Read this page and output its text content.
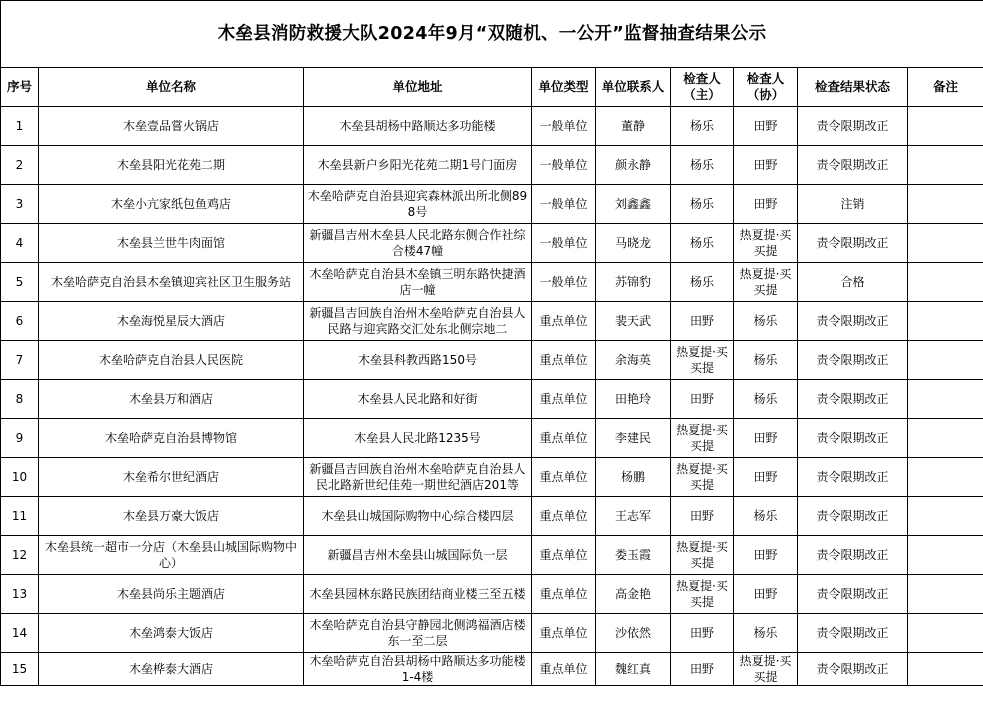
木垒县消防救援大队2024年9月“双随机、一公开”监督抽查结果公示								
序号	单位名称	单位地址	单位类型	单位联系人	检查人（主）	检查人（协）	检查结果状态	备注
1	木垒壹品嘗火锅店	木垒县胡杨中路顺达多功能楼	一般单位	董静	杨乐	田野	责令限期改正	
2	木垒县阳光花苑二期	木垒县新户乡阳光花苑二期1号门面房	一般单位	颜永静	杨乐	田野	责令限期改正	
3	木垒小亢家纸包鱼鸡店	木垒哈萨克自治县迎宾森林派出所北侧898号	一般单位	刘鑫鑫	杨乐	田野	注销	
4	木垒县兰世牛肉面馆	新疆昌吉州木垒县人民北路东侧合作社综合楼47幢	一般单位	马晓龙	杨乐	热夏提·买买提	责令限期改正	
5	木垒哈萨克自治县木垒镇迎宾社区卫生服务站	木垒哈萨克自治县木垒镇三明东路快捷酒店一幢	一般单位	苏锦豹	杨乐	热夏提·买买提	合格	
6	木垒海悦星辰大酒店	新疆昌吉回族自治州木垒哈萨克自治县人民路与迎宾路交汇处东北侧宗地二	重点单位	裴天武	田野	杨乐	责令限期改正	
7	木垒哈萨克自治县人民医院	木垒县科教西路150号	重点单位	余海英	热夏提·买买提	杨乐	责令限期改正	
8	木垒县万和酒店	木垒县人民北路和好街	重点单位	田艳玲	田野	杨乐	责令限期改正	
9	木垒哈萨克自治县博物馆	木垒县人民北路1235号	重点单位	李建民	热夏提·买买提	田野	责令限期改正	
10	木垒希尔世纪酒店	新疆昌吉回族自治州木垒哈萨克自治县人民北路新世纪佳苑一期世纪酒店201等	重点单位	杨鹏	热夏提·买买提	田野	责令限期改正	
11	木垒县万豪大饭店	木垒县山城国际购物中心综合楼四层	重点单位	王志军	田野	杨乐	责令限期改正	
12	木垒县统一超市一分店（木垒县山城国际购物中心）	新疆昌吉州木垒县山城国际负一层	重点单位	娄玉霞	热夏提·买买提	田野	责令限期改正	
13	木垒县尚乐主题酒店	木垒县园林东路民族团结商业楼三至五楼	重点单位	高金艳	热夏提·买买提	田野	责令限期改正	
14	木垒鸿泰大饭店	木垒哈萨克自治县守静园北侧鸿福酒店楼东一至二层	重点单位	沙依然	田野	杨乐	责令限期改正	
15	木垒桦泰大酒店	木垒哈萨克自治县胡杨中路顺达多功能楼1-4楼	重点单位	魏红真	田野	热夏提·买买提	责令限期改正	
